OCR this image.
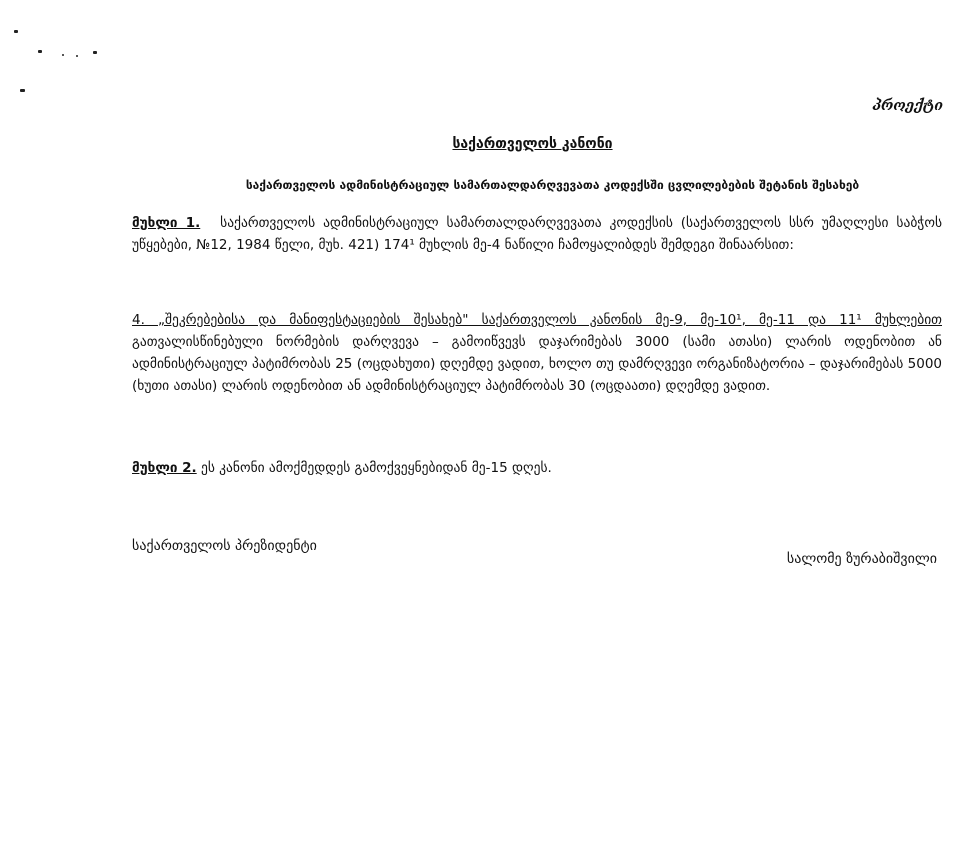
პროექტი
საქართველოს კანონი
საქართველოს ადმინისტრაციულ სამართალდარღვევათა კოდექსში ცვლილებების შეტანის შესახებ
მუხლი 1. საქართველოს ადმინისტრაციულ სამართალდარღვევათა კოდექსის (საქართველოს სსრ უმაღლესი საბჭოს უწყებები, №12, 1984 წელი, მუხ. 421) 174¹ მუხლის მე-4 ნაწილი ჩამოყალიბდეს შემდეგი შინაარსით:
4. „შეკრებებისა და მანიფესტაციების შესახებ" საქართველოს კანონის მე-9, მე-10¹, მე-11 და 11¹ მუხლებით გათვალისწინებული ნორმების დარღვევა – გამოიწვევს დაჯარიმებას 3000 (სამი ათასი) ლარის ოდენობით ან ადმინისტრაციულ პატიმრობას 25 (ოცდახუთი) დღემდე ვადით, ხოლო თუ დამრღვევი ორგანიზატორია – დაჯარიმებას 5000 (ხუთი ათასი) ლარის ოდენობით ან ადმინისტრაციულ პატიმრობას 30 (ოცდაათი) დღემდე ვადით.
მუხლი 2. ეს კანონი ამოქმედდეს გამოქვეყნებიდან მე-15 დღეს.
საქართველოს პრეზიდენტი
სალომე ზურაბიშვილი
